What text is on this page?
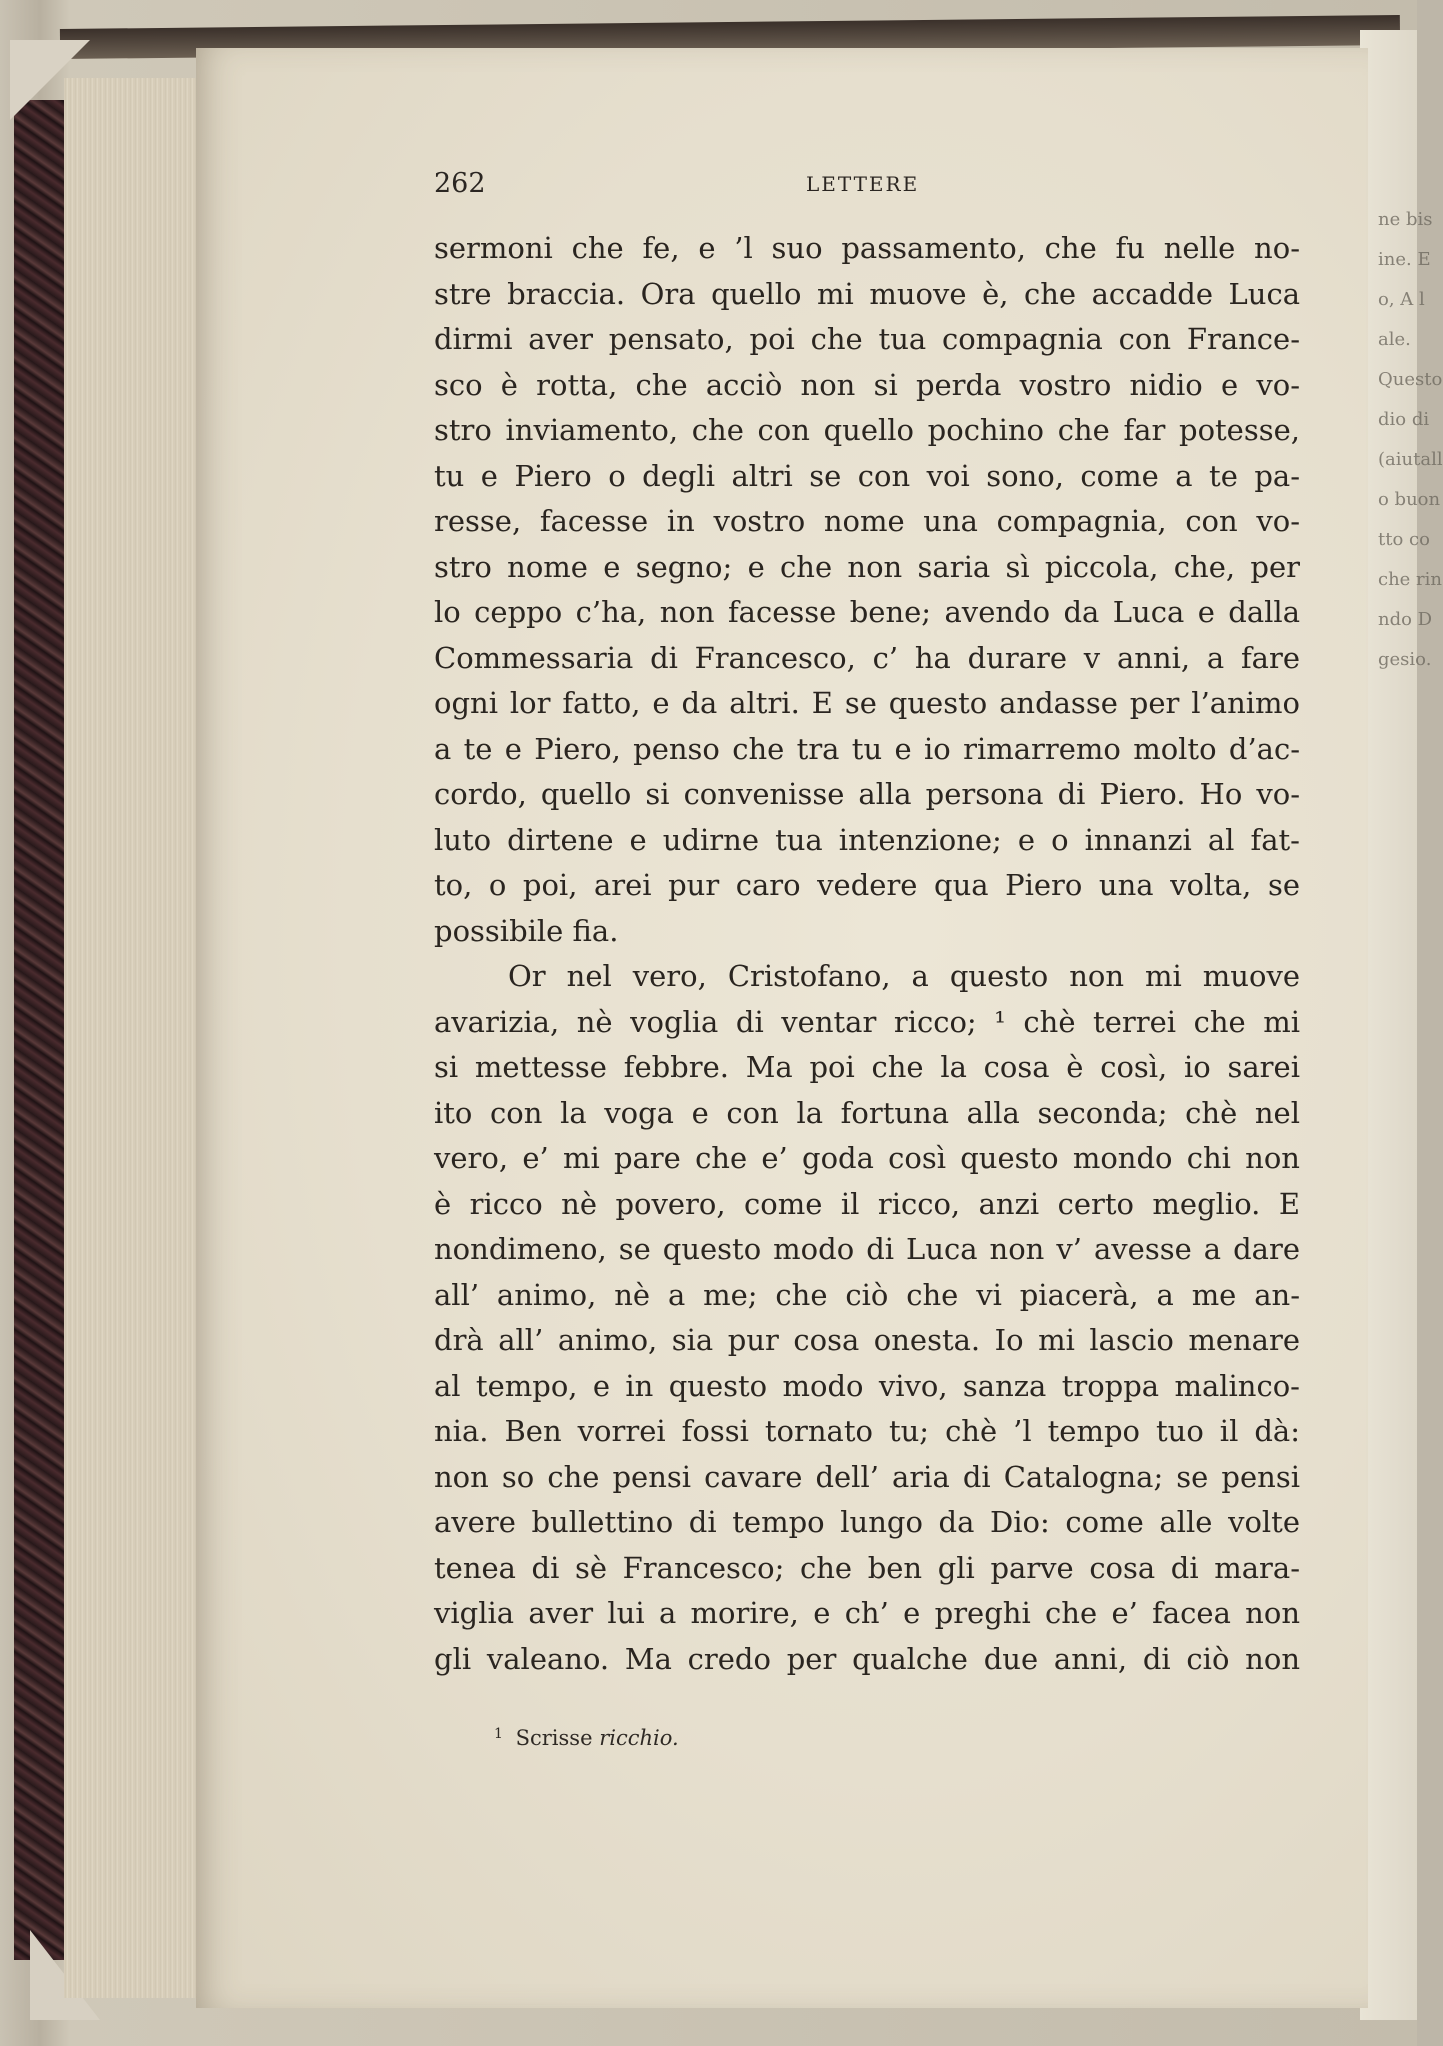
ne bis
ine. E
o, A l
ale.
Questo
dio di
(aiutall
o buon
tto co
che rin
ndo D
gesio.
262	LETTERE
sermoni che fe, e ’l suo passamento, che fu nelle no-
stre braccia. Ora quello mi muove è, che accadde Luca
dirmi aver pensato, poi che tua compagnia con France-
sco è rotta, che acciò non si perda vostro nidio e vo-
stro inviamento, che con quello pochino che far potesse,
tu e Piero o degli altri se con voi sono, come a te pa-
resse, facesse in vostro nome una compagnia, con vo-
stro nome e segno; e che non saria sì piccola, che, per
lo ceppo c’ha, non facesse bene; avendo da Luca e dalla
Commessaria di Francesco, c’ ha durare v anni, a fare
ogni lor fatto, e da altri. E se questo andasse per l’animo
a te e Piero, penso che tra tu e io rimarremo molto d’ac-
cordo, quello si convenisse alla persona di Piero. Ho vo-
luto dirtene e udirne tua intenzione; e o innanzi al fat-
to, o poi, arei pur caro vedere qua Piero una volta, se
possibile fia.
Or nel vero, Cristofano, a questo non mi muove
avarizia, nè voglia di ventar ricco; ¹ chè terrei che mi
si mettesse febbre. Ma poi che la cosa è così, io sarei
ito con la voga e con la fortuna alla seconda; chè nel
vero, e’ mi pare che e’ goda così questo mondo chi non
è ricco nè povero, come il ricco, anzi certo meglio. E
nondimeno, se questo modo di Luca non v’ avesse a dare
all’ animo, nè a me; che ciò che vi piacerà, a me an-
drà all’ animo, sia pur cosa onesta. Io mi lascio menare
al tempo, e in questo modo vivo, sanza troppa malinco-
nia. Ben vorrei fossi tornato tu; chè ’l tempo tuo il dà:
non so che pensi cavare dell’ aria di Catalogna; se pensi
avere bullettino di tempo lungo da Dio: come alle volte
tenea di sè Francesco; che ben gli parve cosa di mara-
viglia aver lui a morire, e ch’ e preghi che e’ facea non
gli valeano. Ma credo per qualche due anni, di ciò non
$^1$ Scrisse ricchio.
